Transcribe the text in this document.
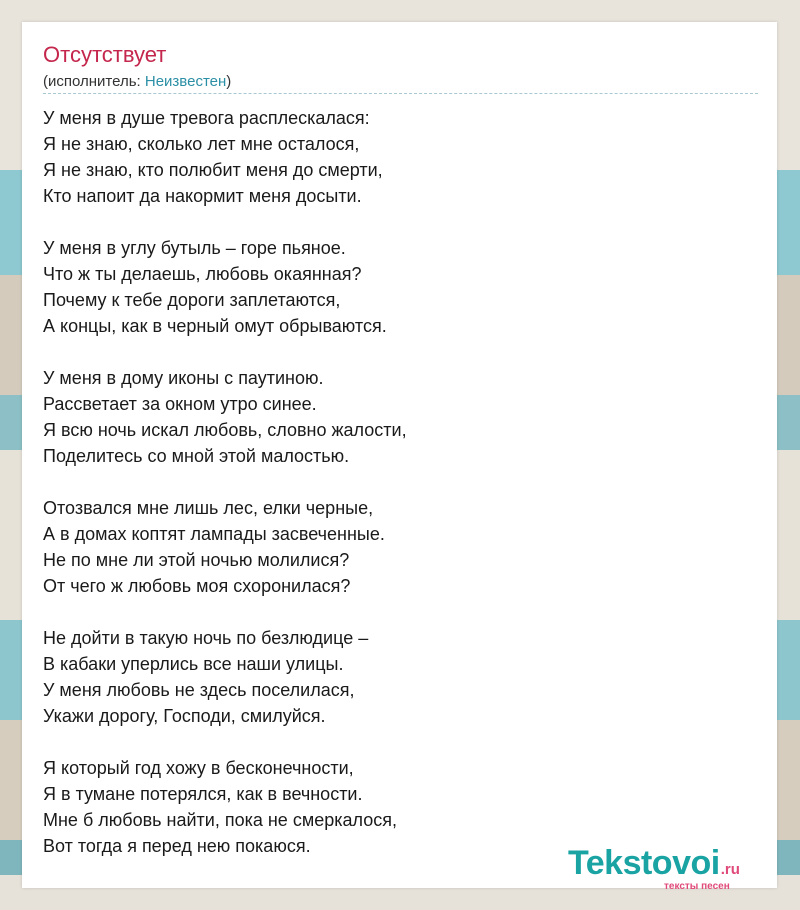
Отсутствует
(исполнитель: Неизвестен)
У меня в душе тревога расплескалася:
Я не знаю, сколько лет мне осталося,
Я не знаю, кто полюбит меня до смерти,
Кто напоит да накормит меня досыти.
У меня в углу бутыль – горе пьяное.
Что ж ты делаешь, любовь окаянная?
Почему к тебе дороги заплетаются,
А концы, как в черный омут обрываются.
У меня в дому иконы с паутиною.
Рассветает за окном утро синее.
Я всю ночь искал любовь, словно жалости,
Поделитесь со мной этой малостью.
Отозвался мне лишь лес, елки черные,
А в домах коптят лампады засвеченные.
Не по мне ли этой ночью молилися?
От чего ж любовь моя схоронилася?
Не дойти в такую ночь по безлюдице –
В кабаки уперлись все наши улицы.
У меня любовь не здесь поселилася,
Укажи дорогу, Господи, смилуйся.
Я который год хожу в бесконечности,
Я в тумане потерялся, как в вечности.
Мне б любовь найти, пока не смеркалося,
Вот тогда я перед нею покаюся.	Tekstovoi.ru
тексты песен
